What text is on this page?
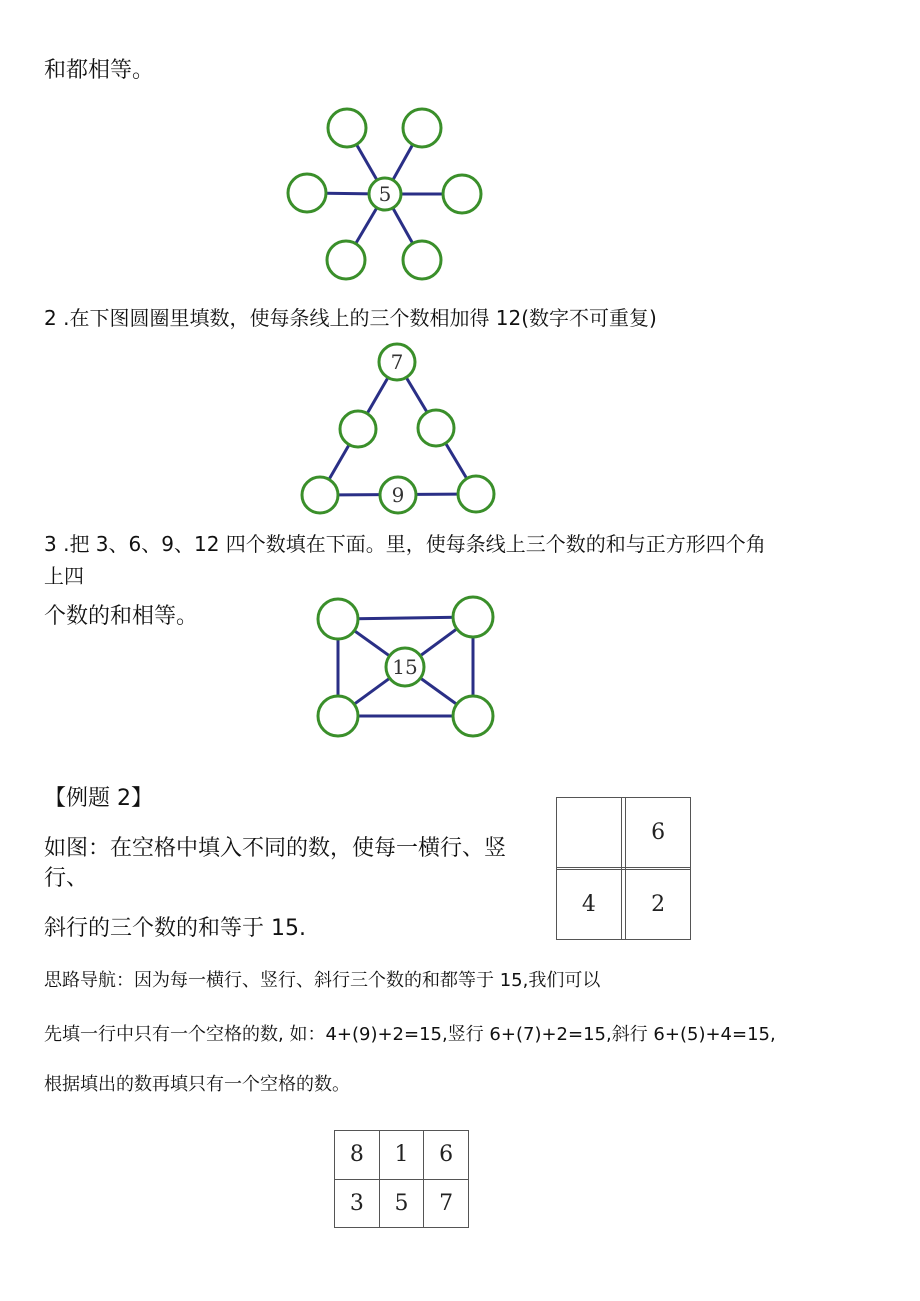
和都相等。
2 .在下图圆圈里填数，使每条线上的三个数相加得 12(数字不可重复)
3 .把 3、6、9、12 四个数填在下面。里，使每条线上三个数的和与正方形四个角
上四
个数的和相等。
【例题 2】
如图：在空格中填入不同的数，使每一横行、竖
行、
斜行的三个数的和等于 15.
思路导航：因为每一横行、竖行、斜行三个数的和都等于 15,我们可以
先填一行中只有一个空格的数, 如：4+(9)+2=15,竖行 6+(7)+2=15,斜行 6+(5)+4=15,
根据填出的数再填只有一个空格的数。
5
7
9
15
		6

4		2
8	1	6
3	5	7
